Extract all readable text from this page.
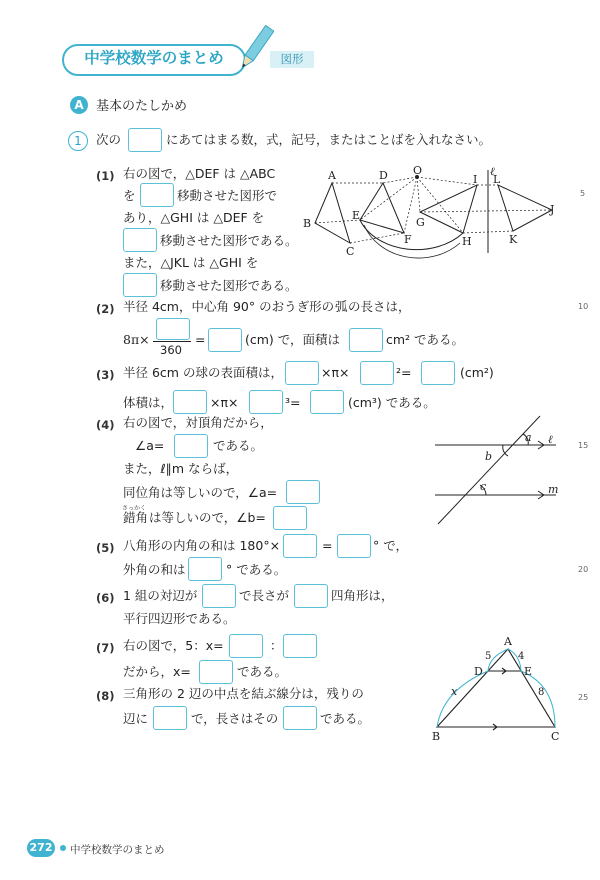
中学校数学のまとめ	図形
A 基本のたしかめ
1	次の	にあてはまる数，式，記号，またはことばを入れなさい。
(1) 右の図で，△DEF は △ABC
を	移動させた図形で
あり，△GHI は △DEF を
移動させた図形である。
また，△JKL は △GHI を
移動させた図形である。
A	D O
I L
ℓ
B
E
G
J
F	H	K
C
(2) 半径 4cm，中心角 90° のおうぎ形の 弧 の長さは，
8π×
360
=	(cm) で，面積は	cm² である。
(3) 半径 6cm の球の表面積は，	×π×	²=	(cm²)
体積は，	×π×	³=	(cm³) である。
(4) 右の図で，対頂角だから，
∠a=	である。
また，ℓ∥m ならば，
同位角は等しいので，∠a=
さっかく
錯角 は等しいので，∠b=
a ℓ
b
c	m
(5) 八角形の内角の和は 180°×	=	° で，
外角の和は	° である。
(6) 1 組の対辺が	で長さが	四角形は，
平行四辺形である。
(7) 右の図で，5：x=	：
だから，x=	である。
(8) 三角形の 2 辺の中点を結ぶ線分は，残りの
辺に	で，長さはその	である。
A
5	4
D	E
x	8
B	C
5
10
15
20
25
272 中学校数学のまとめ
